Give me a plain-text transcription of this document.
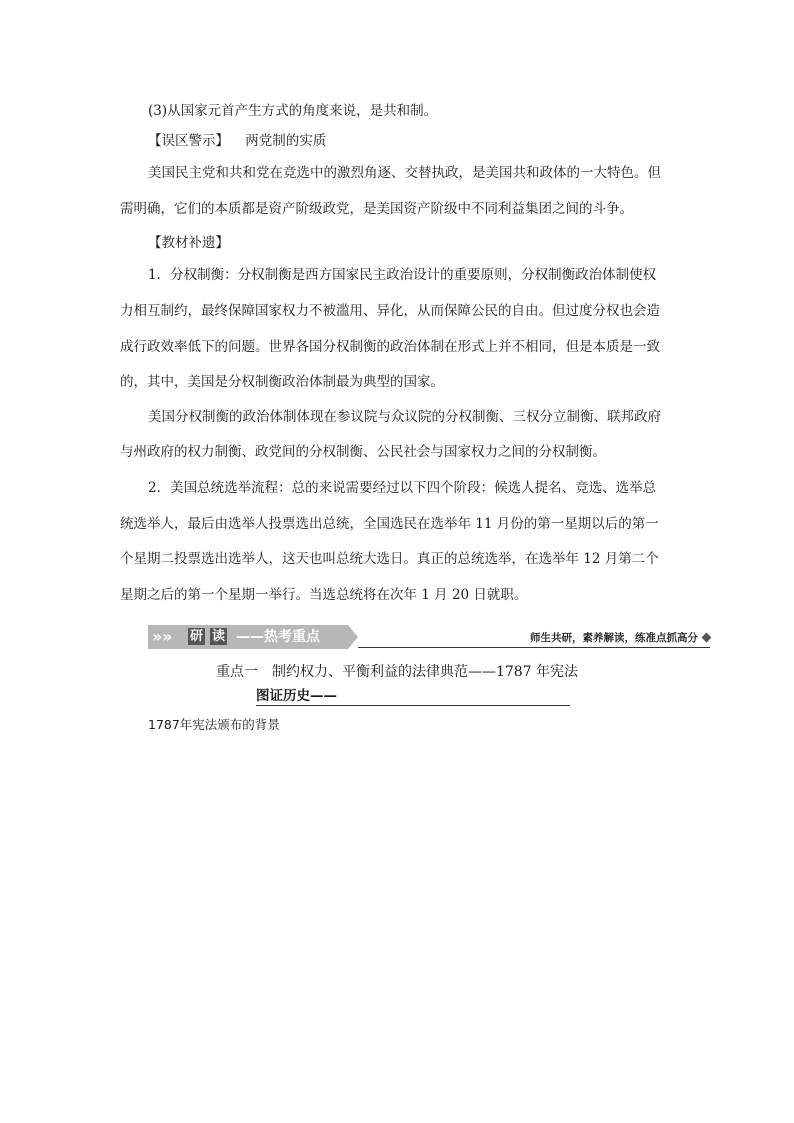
(3)从国家元首产生方式的角度来说，是共和制。
【误区警示】 两党制的实质
美国民主党和共和党在竞选中的激烈角逐、交替执政，是美国共和政体的一大特色。但
需明确，它们的本质都是资产阶级政党，是美国资产阶级中不同利益集团之间的斗争。
【教材补遗】
1．分权制衡：分权制衡是西方国家民主政治设计的重要原则，分权制衡政治体制使权
力相互制约，最终保障国家权力不被滥用、异化，从而保障公民的自由。但过度分权也会造
成行政效率低下的问题。世界各国分权制衡的政治体制在形式上并不相同，但是本质是一致
的，其中，美国是分权制衡政治体制最为典型的国家。
美国分权制衡的政治体制体现在参议院与众议院的分权制衡、三权分立制衡、联邦政府
与州政府的权力制衡、政党间的分权制衡、公民社会与国家权力之间的分权制衡。
2．美国总统选举流程：总的来说需要经过以下四个阶段：候选人提名、竞选、选举总
统选举人，最后由选举人投票选出总统，全国选民在选举年 11 月份的第一星期以后的第一
个星期二投票选出选举人，这天也叫总统大选日。真正的总统选举，在选举年 12 月第二个
星期之后的第一个星期一举行。当选总统将在次年 1 月 20 日就职。
» » 研 读 ——热考重点	师生共研，素养解读，练准点抓高分
重点一　制约权力、平衡利益的法律典范——1787 年宪法
图证历史——
1787年宪法颁布的背景
